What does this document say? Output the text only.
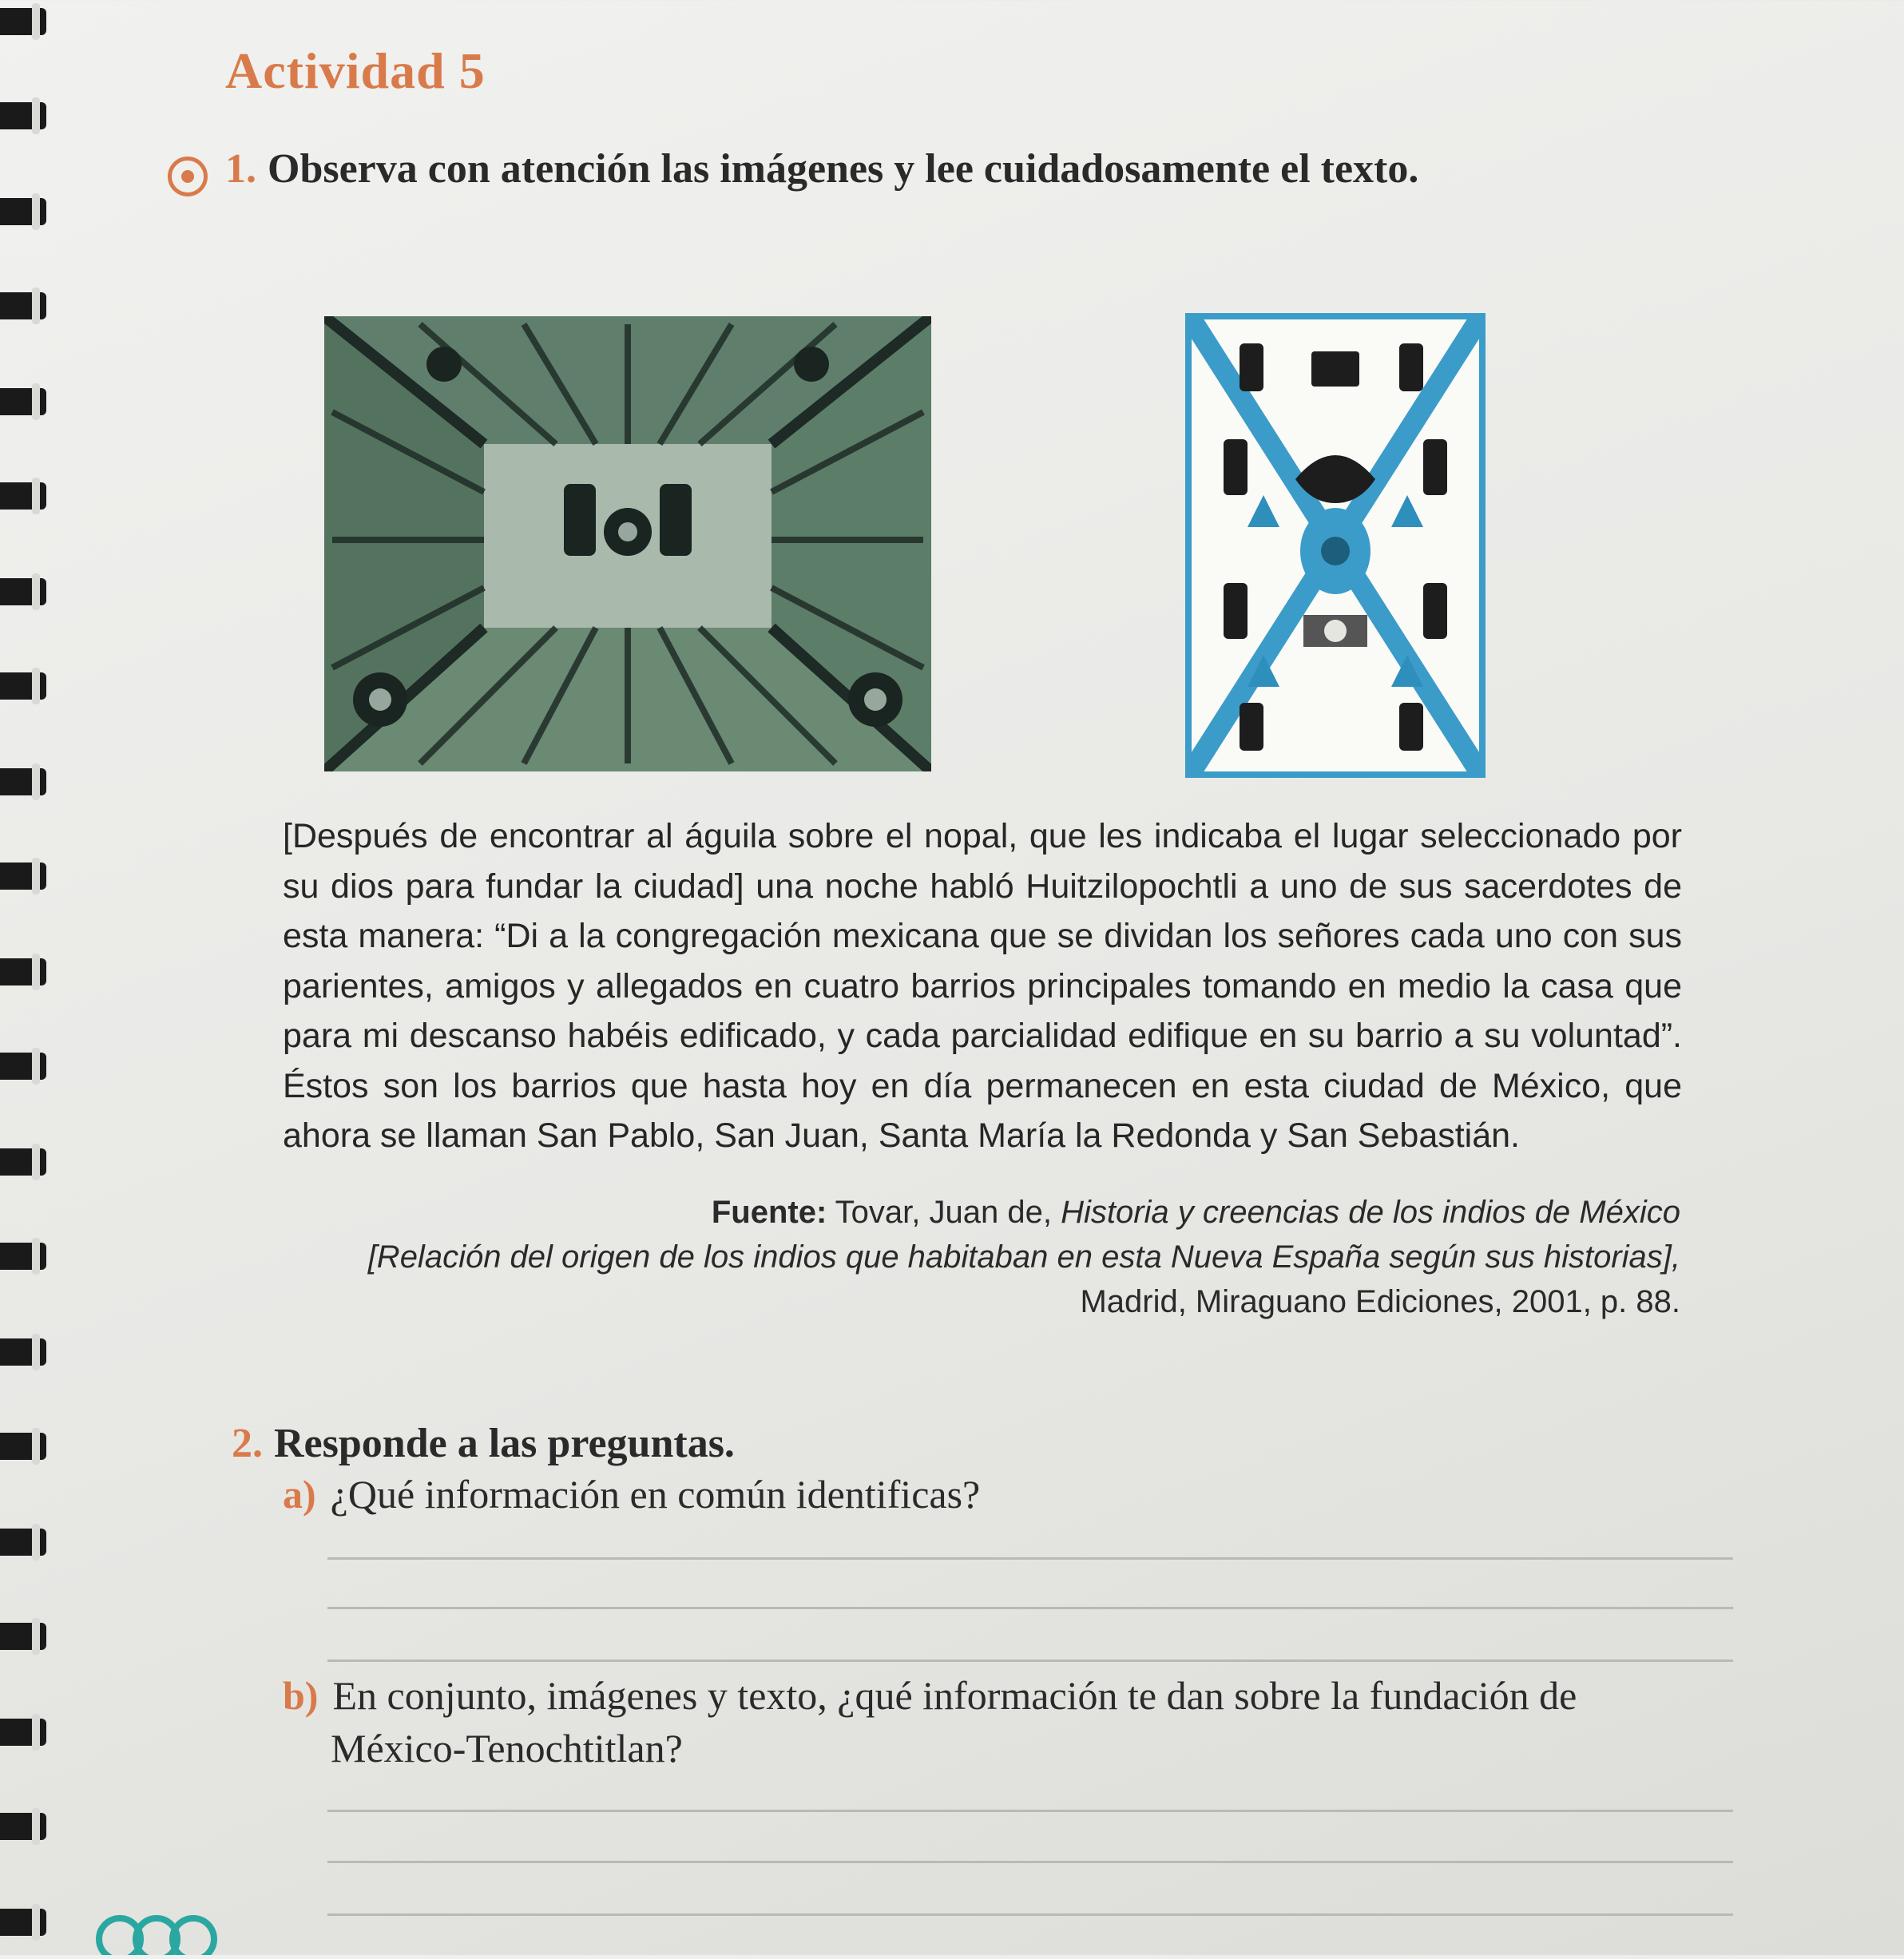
Actividad 5
1. Observa con atención las imágenes y lee cuidadosamente el texto.
[Después de encontrar al águila sobre el nopal, que les indicaba el lugar seleccionado por su dios para fundar la ciudad] una noche habló Huitzilopochtli a uno de sus sacerdotes de esta manera: “Di a la congregación mexicana que se dividan los señores cada uno con sus parientes, amigos y allegados en cuatro barrios principales tomando en medio la casa que para mi descanso habéis edificado, y cada parcialidad edifique en su barrio a su voluntad”. Éstos son los barrios que hasta hoy en día permanecen en esta ciudad de México, que ahora se llaman San Pablo, San Juan, Santa María la Redonda y San Sebastián.
Fuente: Tovar, Juan de, Historia y creencias de los indios de México
[Relación del origen de los indios que habitaban en esta Nueva España según sus historias],
Madrid, Miraguano Ediciones, 2001, p. 88.
2. Responde a las preguntas.
a) ¿Qué información en común identificas?
b) En conjunto, imágenes y texto, ¿qué información te dan sobre la fundación de
México-Tenochtitlan?
